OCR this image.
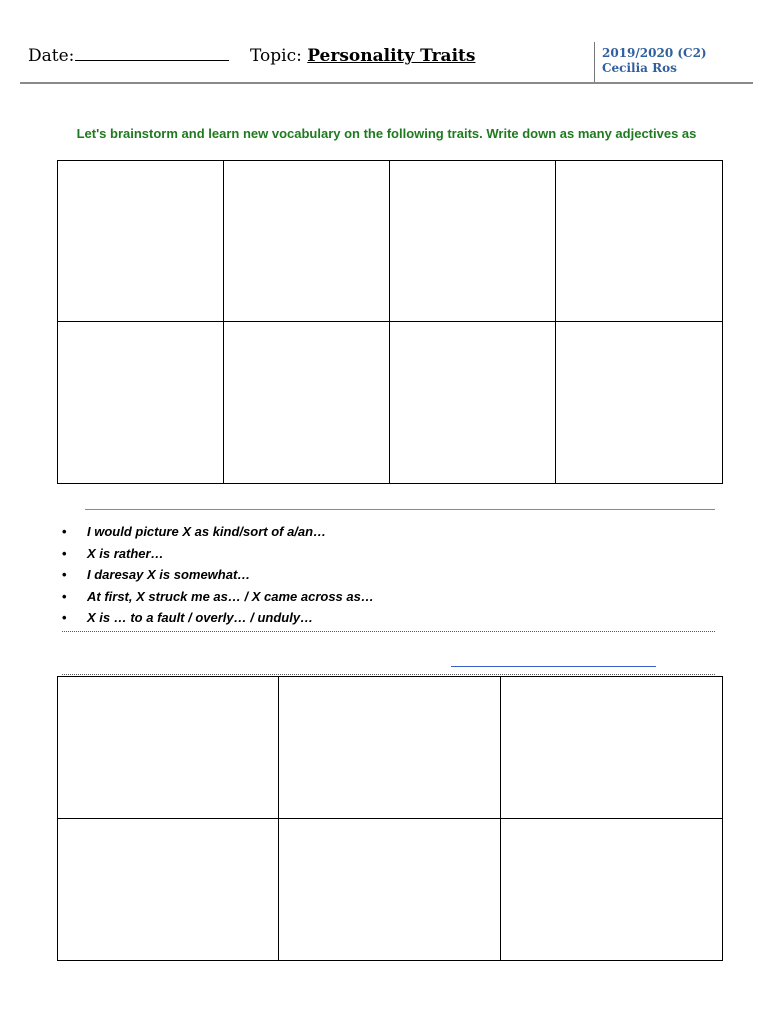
Date:	Topic: Personality Traits	2019/2020 (C2)
Cecilia Ros
Let's brainstorm and learn new vocabulary on the following traits. Write down as many adjectives as
• I would picture X as kind/sort of a/an…
• X is rather…
• I daresay X is somewhat…
• At first, X struck me as… / X came across as…
• X is … to a fault / overly… / unduly…
